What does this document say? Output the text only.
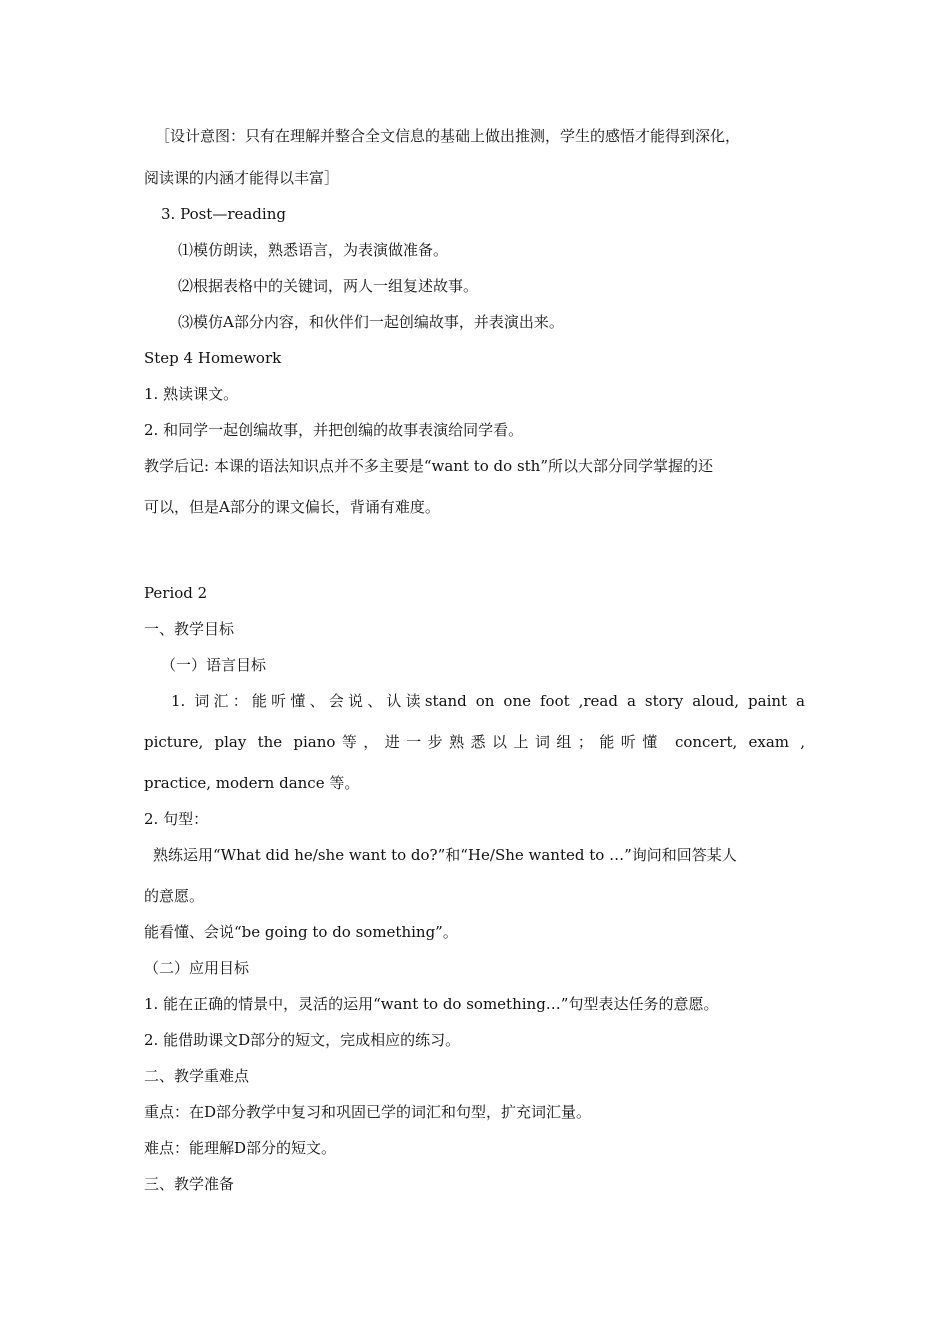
［设计意图：只有在理解并整合全文信息的基础上做出推测，学生的感悟才能得到深化，
阅读课的内涵才能得以丰富］
3. Post—reading
⑴模仿朗读，熟悉语言，为表演做准备。
⑵根据表格中的关键词，两人一组复述故事。
⑶模仿A部分内容，和伙伴们一起创编故事，并表演出来。
Step 4 Homework
1. 熟读课文。
2. 和同学一起创编故事，并把创编的故事表演给同学看。
教学后记: 本课的语法知识点并不多主要是“want to do sth”所以大部分同学掌握的还
可以，但是A部分的课文偏长，背诵有难度。
Period 2
一、教学目标
（一）语言目标
1. 词汇：能听懂、会说、认读stand on one foot ,read a story aloud, paint a
picture, play the piano等，进一步熟悉以上词组；能听懂 concert, exam ,
practice, modern dance 等。
2. 句型：
熟练运用“What did he/she want to do?”和“He/She wanted to …”询问和回答某人
的意愿。
能看懂、会说“be going to do something”。
（二）应用目标
1. 能在正确的情景中，灵活的运用“want to do something…”句型表达任务的意愿。
2. 能借助课文D部分的短文，完成相应的练习。
二、教学重难点
重点：在D部分教学中复习和巩固已学的词汇和句型，扩充词汇量。
难点：能理解D部分的短文。
三、教学准备
